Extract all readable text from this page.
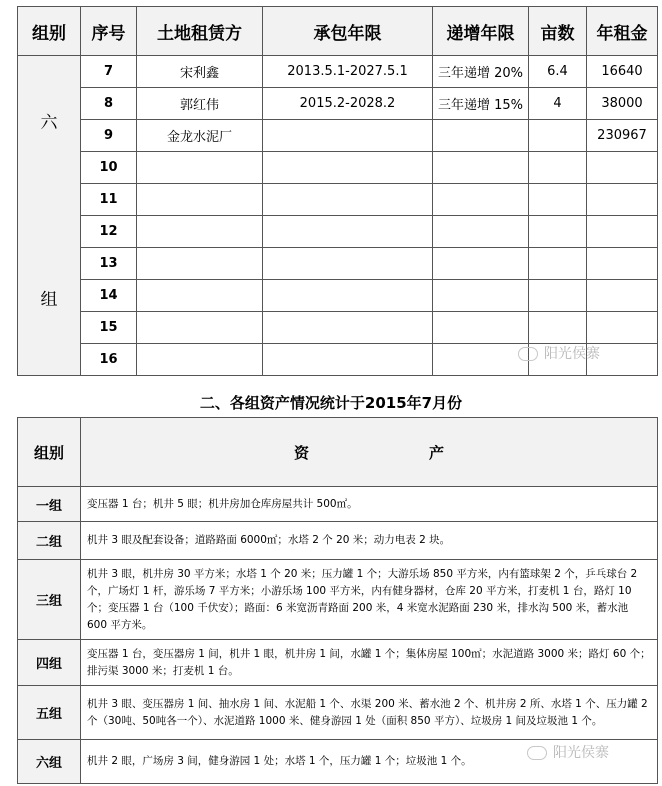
组别	序号	土地租赁方	承包年限	递增年限	亩数	年租金

六
组	7	宋利鑫	2013.5.1-2027.5.1	三年递增 20%	6.4	16640
	8	郭红伟	2015.2-2028.2	三年递增 15%	4	38000
	9	金龙水泥厂				230967
	10					
	11					
	12					
	13					
	14					
	15					
	16						阳光侯寨
二、各组资产情况统计于2015年7月份
组别	资　　　　　　　　产
一组	变压器 1 台；机井 5 眼；机井房加仓库房屋共计 500㎡。
二组	机井 3 眼及配套设备；道路路面 6000㎡；水塔 2 个 20 米；动力电表 2 块。
三组	机井 3 眼，机井房 30 平方米；水塔 1 个 20 米；压力罐 1 个；大游乐场 850 平方米，内有篮球架 2 个，乒乓球台 2 个，广场灯 1 杆，游乐场 7 平方米；小游乐场 100 平方米，内有健身器材，仓库 20 平方米，打麦机 1 台，路灯 10 个；变压器 1 台（100 千伏安）；路面：6 米宽沥青路面 200 米，4 米宽水泥路面 230 米，排水沟 500 米，蓄水池 600 平方米。
四组	变压器 1 台，变压器房 1 间，机井 1 眼，机井房 1 间，水罐 1 个；集体房屋 100㎡；水泥道路 3000 米；路灯 60 个；排污渠 3000 米；打麦机 1 台。
五组	机井 3 眼、变压器房 1 间、抽水房 1 间、水泥船 1 个、水渠 200 米、蓄水池 2 个、机井房 2 所、水塔 1 个、压力罐 2 个（30吨、50吨各一个）、水泥道路 1000 米、健身游园 1 处（面积 850 平方）、垃圾房 1 间及垃圾池 1 个。
六组	机井 2 眼，广场房 3 间，健身游园 1 处；水塔 1 个，压力罐 1 个；垃圾池 1 个。	阳光侯寨
